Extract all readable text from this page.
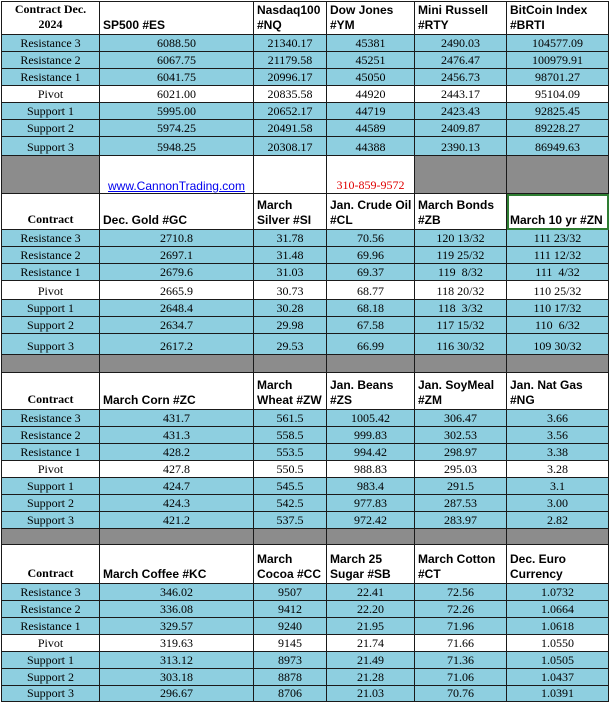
Contract Dec. 2024	SP500 #ES	Nasdaq100 #NQ	Dow Jones #YM	Mini Russell #RTY	BitCoin Index #BRTI
Resistance 3	6088.50	21340.17	45381	2490.03	104577.09
Resistance 2	6067.75	21179.58	45251	2476.47	100979.91
Resistance 1	6041.75	20996.17	45050	2456.73	98701.27
Pivot	6021.00	20835.58	44920	2443.17	95104.09
Support 1	5995.00	20652.17	44719	2423.43	92825.45
Support 2	5974.25	20491.58	44589	2409.87	89228.27
Support 3	5948.25	20308.17	44388	2390.13	86949.63
	www.CannonTrading.com		310-859-9572		
Contract	Dec. Gold #GC	March Silver #SI	Jan. Crude Oil #CL	March Bonds #ZB	March 10 yr #ZN
Resistance 3	2710.8	31.78	70.56	120 13/32	111 23/32
Resistance 2	2697.1	31.48	69.96	119 25/32	111 12/32
Resistance 1	2679.6	31.03	69.37	119  8/32	111  4/32
Pivot	2665.9	30.73	68.77	118 20/32	110 25/32
Support 1	2648.4	30.28	68.18	118  3/32	110 17/32
Support 2	2634.7	29.98	67.58	117 15/32	110  6/32
Support 3	2617.2	29.53	66.99	116 30/32	109 30/32

Contract	March Corn #ZC	March Wheat #ZW	Jan. Beans #ZS	Jan. SoyMeal #ZM	Jan. Nat Gas #NG
Resistance 3	431.7	561.5	1005.42	306.47	3.66
Resistance 2	431.3	558.5	999.83	302.53	3.56
Resistance 1	428.2	553.5	994.42	298.97	3.38
Pivot	427.8	550.5	988.83	295.03	3.28
Support 1	424.7	545.5	983.4	291.5	3.1
Support 2	424.3	542.5	977.83	287.53	3.00
Support 3	421.2	537.5	972.42	283.97	2.82

Contract	March Coffee #KC	March Cocoa #CC	March 25 Sugar #SB	March Cotton #CT	Dec. Euro Currency
Resistance 3	346.02	9507	22.41	72.56	1.0732
Resistance 2	336.08	9412	22.20	72.26	1.0664
Resistance 1	329.57	9240	21.95	71.96	1.0618
Pivot	319.63	9145	21.74	71.66	1.0550
Support 1	313.12	8973	21.49	71.36	1.0505
Support 2	303.18	8878	21.28	71.06	1.0437
Support 3	296.67	8706	21.03	70.76	1.0391
